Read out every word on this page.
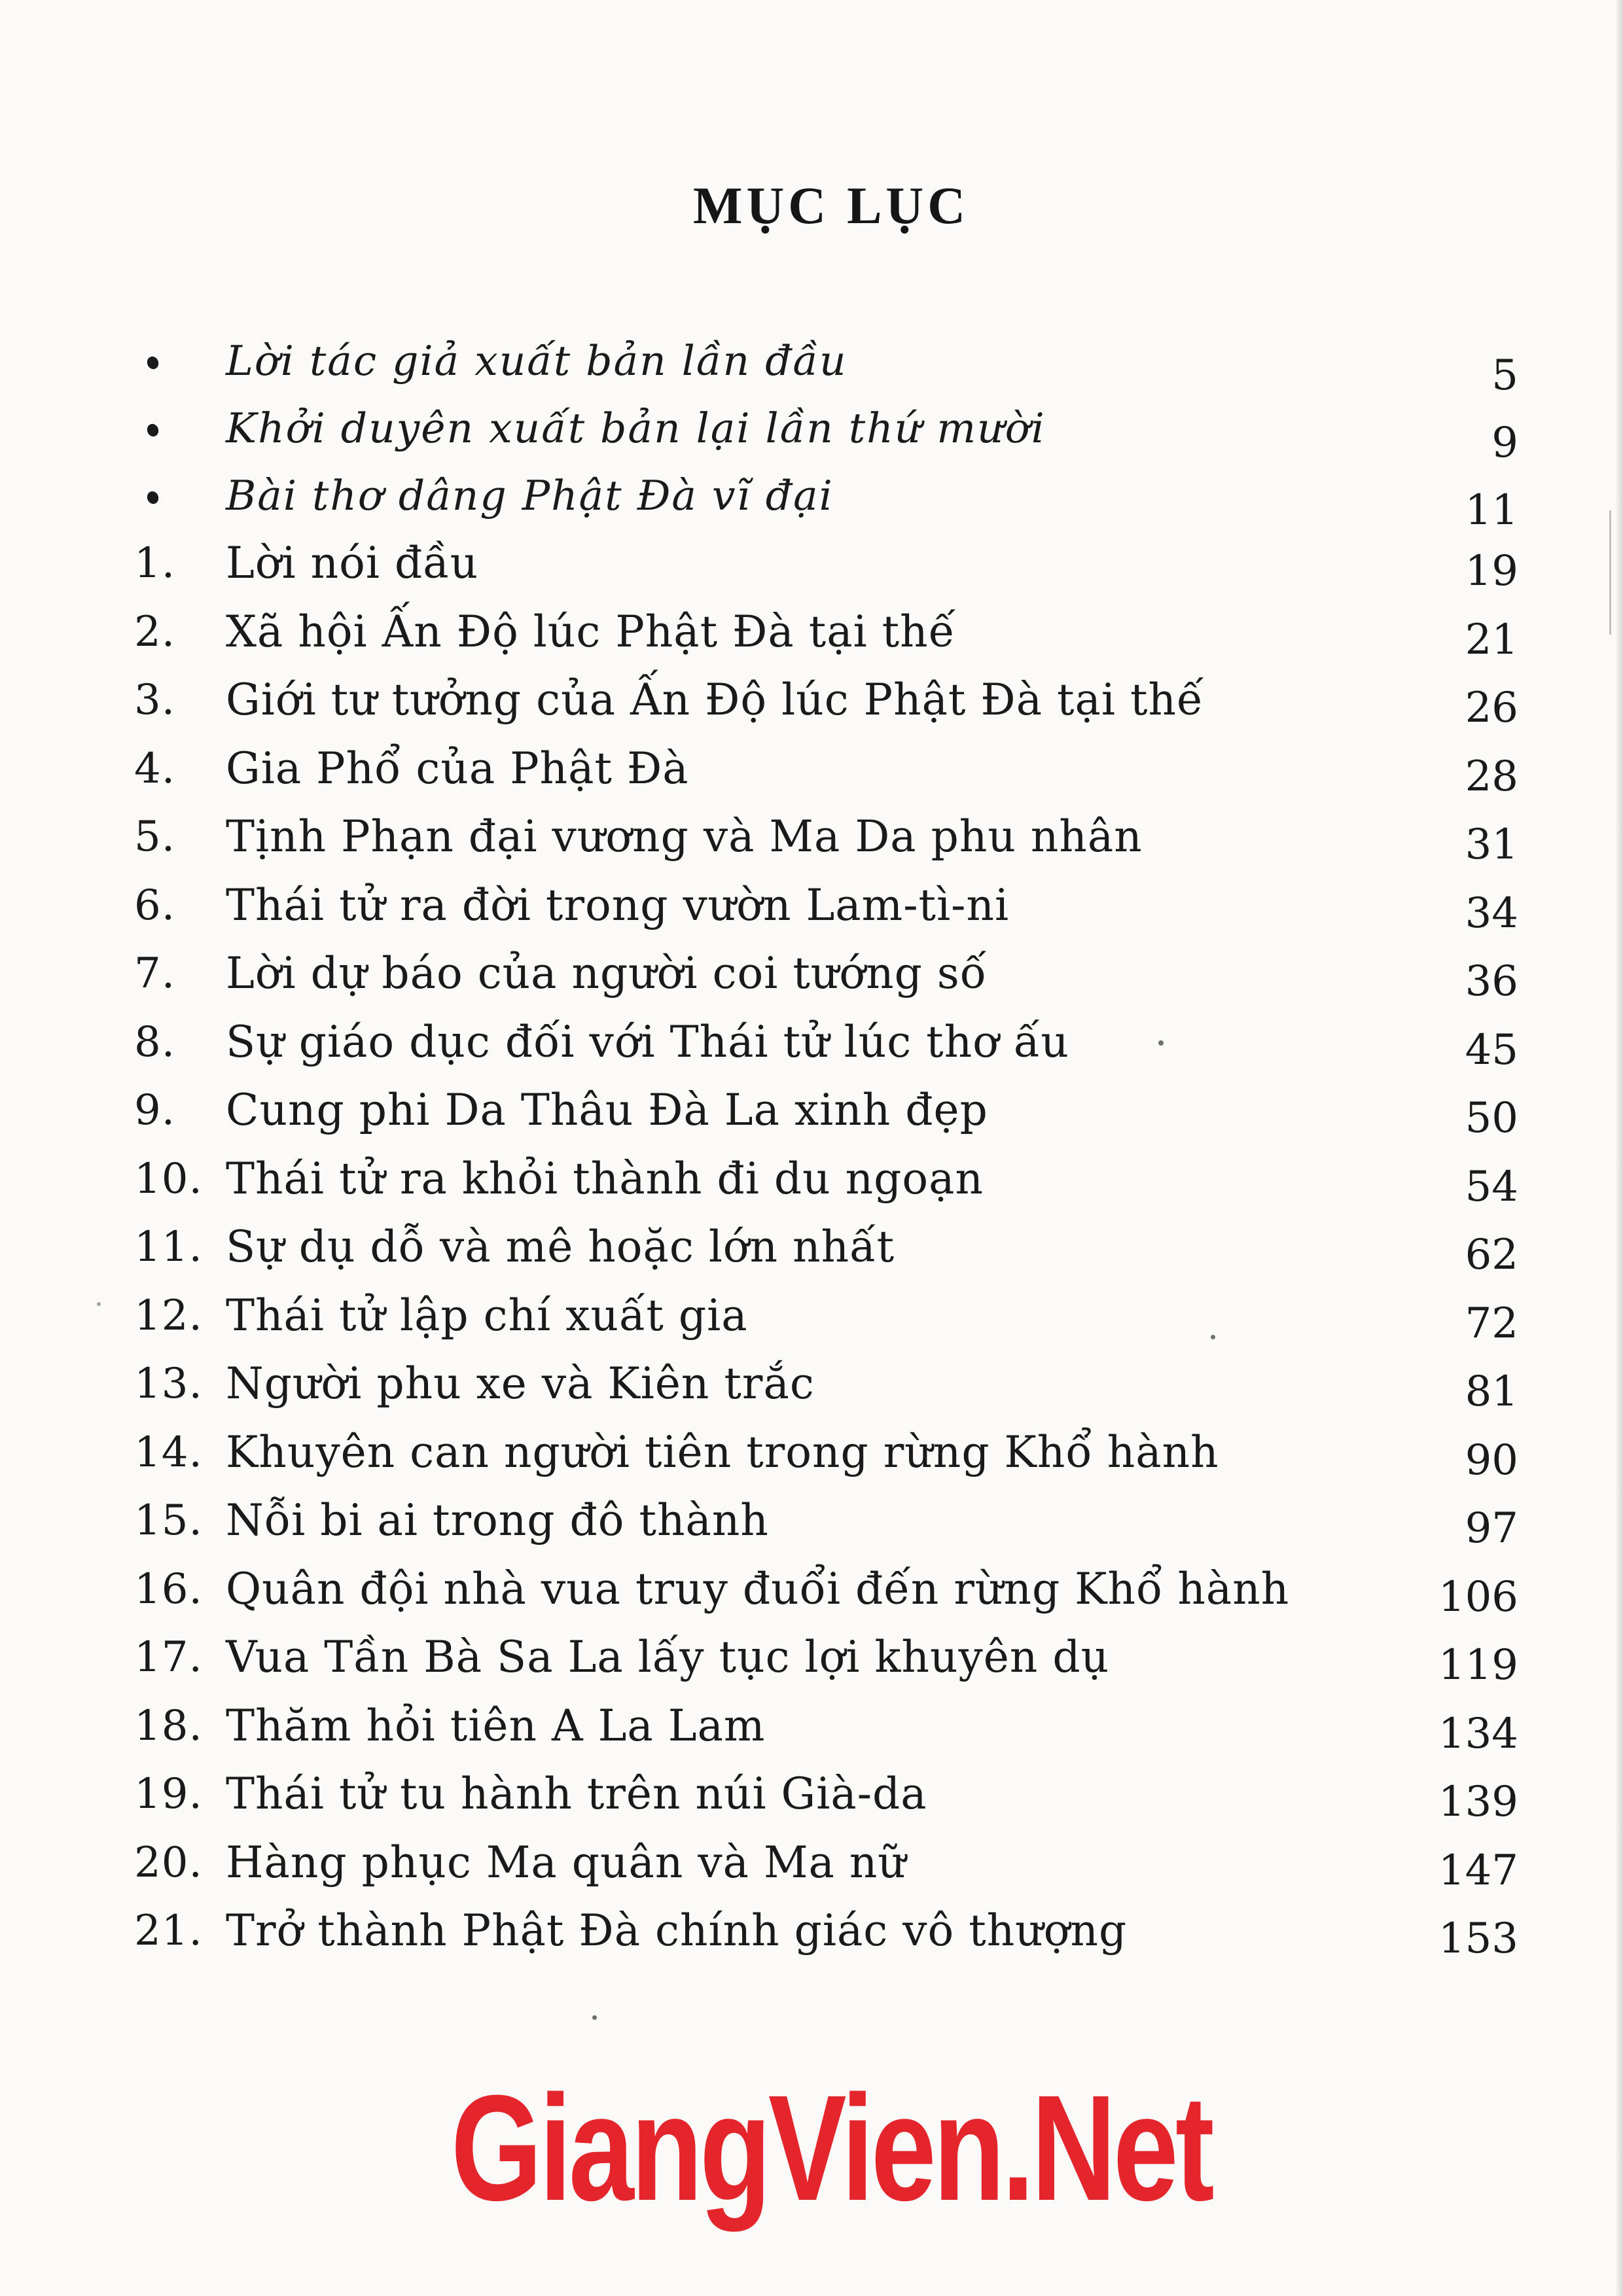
MỤC LỤC
Lời tác giả xuất bản lần đầu	5
Khởi duyên xuất bản lại lần thứ mười	9
Bài thơ dâng Phật Đà vĩ đại	11
1. Lời nói đầu	19
2. Xã hội Ấn Độ lúc Phật Đà tại thế	21
3. Giới tư tưởng của Ấn Độ lúc Phật Đà tại thế	26
4. Gia Phổ của Phật Đà	28
5. Tịnh Phạn đại vương và Ma Da phu nhân	31
6. Thái tử ra đời trong vườn Lam-tì-ni	34
7. Lời dự báo của người coi tướng số	36
8. Sự giáo dục đối với Thái tử lúc thơ ấu	45
9. Cung phi Da Thâu Đà La xinh đẹp	50
10. Thái tử ra khỏi thành đi du ngoạn	54
11. Sự dụ dỗ và mê hoặc lớn nhất	62
12. Thái tử lập chí xuất gia	72
13. Người phu xe và Kiên trắc	81
14. Khuyên can người tiên trong rừng Khổ hành	90
15. Nỗi bi ai trong đô thành	97
16. Quân đội nhà vua truy đuổi đến rừng Khổ hành	106
17. Vua Tần Bà Sa La lấy tục lợi khuyên dụ	119
18. Thăm hỏi tiên A La Lam	134
19. Thái tử tu hành trên núi Già-da	139
20. Hàng phục Ma quân và Ma nữ	147
21. Trở thành Phật Đà chính giác vô thượng	153
GiangVien.Net
